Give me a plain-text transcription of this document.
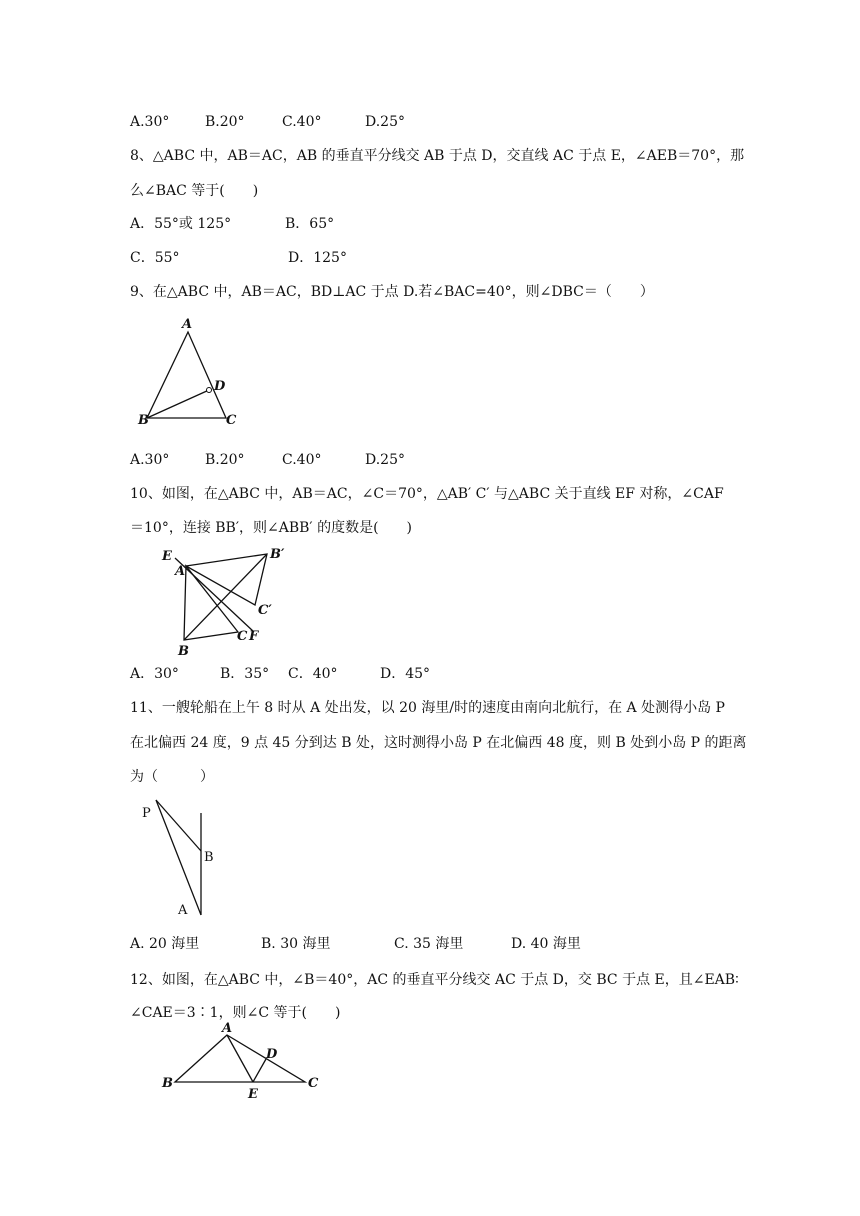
A.30°	B.20°	C.40°	D.25°
8、△ABC 中，AB＝AC，AB 的垂直平分线交 AB 于点 D，交直线 AC 于点 E，∠AEB＝70°，那
么∠BAC 等于(　　)
A．55°或 125°	B．65°
C．55°	D．125°
9、在△ABC 中，AB＝AC，BD⊥AC 于点 D.若∠BAC=40°，则∠DBC＝（　　）
A
B	C
D
A.30°	B.20°	C.40°	D.25°
10、如图，在△ABC 中，AB＝AC，∠C＝70°，△AB′ C′ 与△ABC 关于直线 EF 对称，∠CAF
＝10°，连接 BB′，则∠ABB′ 的度数是(　　)
E
A
B′
C′
C F
B
A．30°	B．35° C．40°	D．45°
11、一艘轮船在上午 8 时从 A 处出发，以 20 海里/时的速度由南向北航行，在 A 处测得小岛 P
在北偏西 24 度，9 点 45 分到达 B 处，这时测得小岛 P 在北偏西 48 度，则 B 处到小岛 P 的距离
为（　　　）
P
B
A
A. 20 海里	B. 30 海里	C. 35 海里	D. 40 海里
12、如图，在△ABC 中，∠B＝40°，AC 的垂直平分线交 AC 于点 D，交 BC 于点 E，且∠EAB∶
∠CAE＝3∶1，则∠C 等于(　　)
A
D
B
E
C
